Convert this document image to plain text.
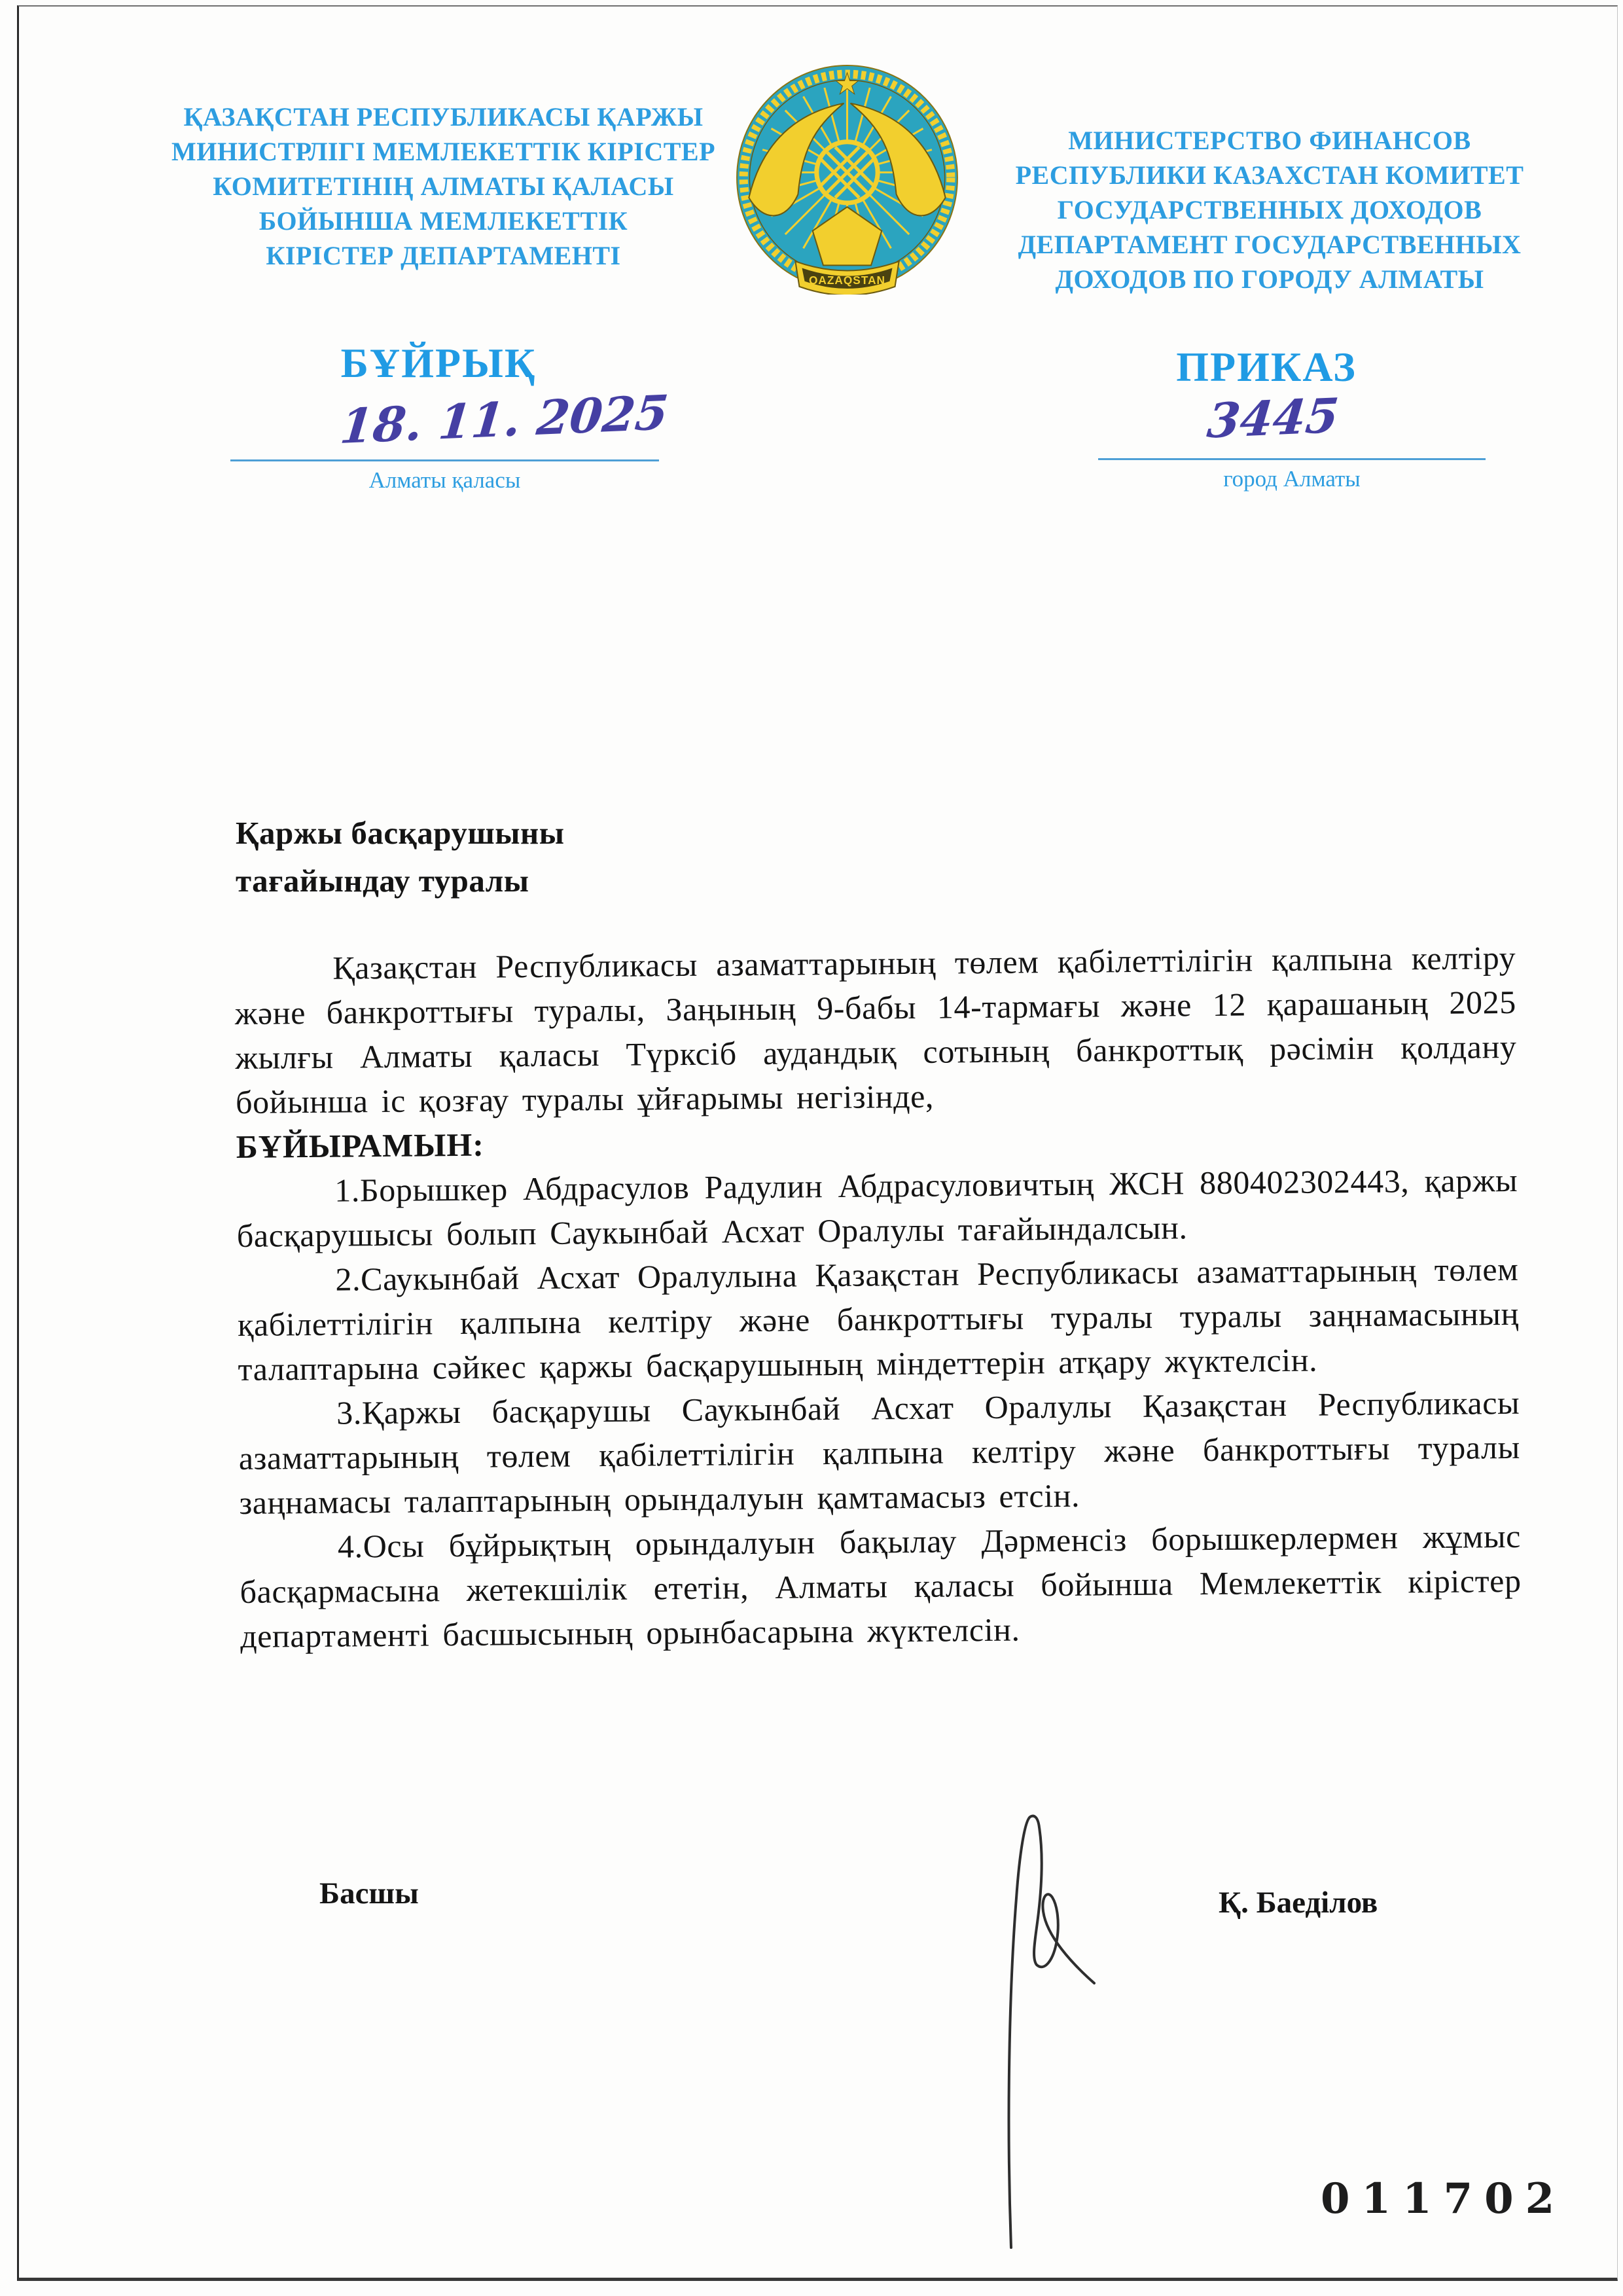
ҚАЗАҚСТАН РЕСПУБЛИКАСЫ ҚАРЖЫ
МИНИСТРЛІГІ МЕМЛЕКЕТТІК КІРІСТЕР
КОМИТЕТІНІҢ АЛМАТЫ ҚАЛАСЫ
БОЙЫНША МЕМЛЕКЕТТІК
КІРІСТЕР ДЕПАРТАМЕНТІ
QAZAQSTAN
МИНИСТЕРСТВО ФИНАНСОВ
РЕСПУБЛИКИ КАЗАХСТАН КОМИТЕТ
ГОСУДАРСТВЕННЫХ ДОХОДОВ
ДЕПАРТАМЕНТ ГОСУДАРСТВЕННЫХ
ДОХОДОВ ПО ГОРОДУ АЛМАТЫ
БҰЙРЫҚ	ПРИКАЗ
18. 11. 2025	3445
Алматы қаласы	город Алматы
Қаржы басқарушыны
тағайындау туралы

Қазақстан Республикасы азаматтарының төлем қабілеттілігін қалпына келтіру және банкроттығы туралы, Заңының 9-бабы 14-тармағы және 12 қарашаның 2025 жылғы Алматы қаласы Түрксіб аудандық сотының банкроттық рәсімін қолдану бойынша іс қозғау туралы ұйғарымы негізінде,

БҰЙЫРАМЫН:

1.Борышкер Абдрасулов Радулин Абдрасуловичтың ЖСН 880402302443, қаржы басқарушысы болып Саукынбай Асхат Оралулы тағайындалсын.

2.Саукынбай Асхат Оралулына Қазақстан Республикасы азаматтарының төлем қабілеттілігін қалпына келтіру және банкроттығы туралы туралы заңнамасының талаптарына сәйкес қаржы басқарушының міндеттерін атқару жүктелсін.

3.Қаржы басқарушы Саукынбай Асхат Оралулы Қазақстан Республикасы азаматтарының төлем қабілеттілігін қалпына келтіру және банкроттығы туралы заңнамасы талаптарының орындалуын қамтамасыз етсін.

4.Осы бұйрықтың орындалуын бақылау Дәрменсіз борышкерлермен жұмыс басқармасына жетекшілік ететін, Алматы қаласы бойынша Мемлекеттік кірістер департаменті басшысының орынбасарына жүктелсін.

Басшы	Қ. Баеділов
011702
